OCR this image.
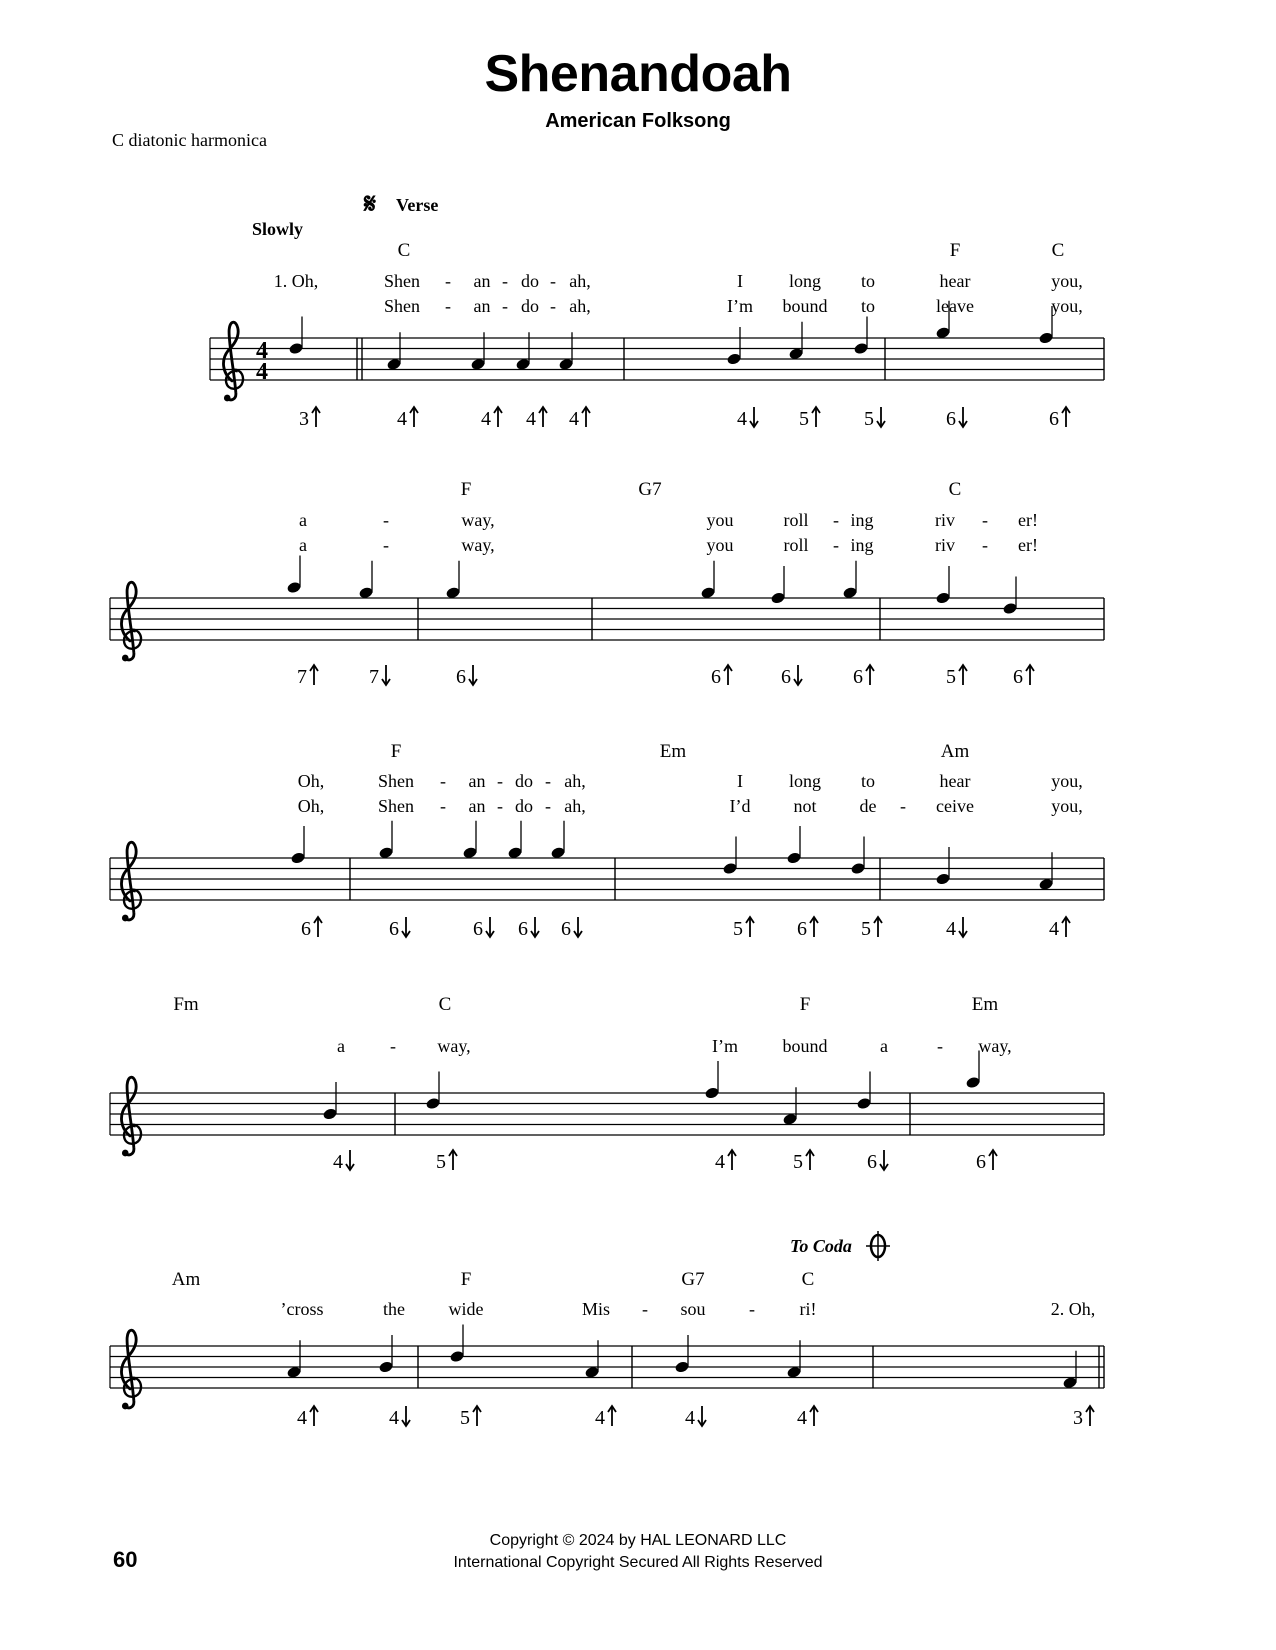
Shenandoah
American Folksong
C diatonic harmonica
𝄋 Verse
Slowly
To Coda
4
4
C	F	C
F	G7	C
F	Em	Am
Fm	C	F	Em
Am	F	G7	C
1. Oh,	Shen - an - do - ah,	I	long to	hear	you,
Shen - an - do - ah,	I’m bound to	leave	you,
a	-	way,	you	roll - ing	riv - er!
a	-	way,	you	roll - ing	riv - er!
Oh,	Shen - an - do - ah,	I	long to	hear	you,
Oh,	Shen - an - do - ah,	I’d not de - ceive	you,
a	- way,	I’m bound	a	- way,
’cross	the wide	Mis - sou - ri!	2. Oh,
3	4	4 4 4	4	5	5	6	6
7	7	6	6	6	6	5	6
6	6	6 6 6	5	6	5	4	4
4	5	4	5	6	6
4	4	5	4	4	4	3
60
Copyright © 2024 by HAL LEONARD LLC
International Copyright Secured All Rights Reserved
